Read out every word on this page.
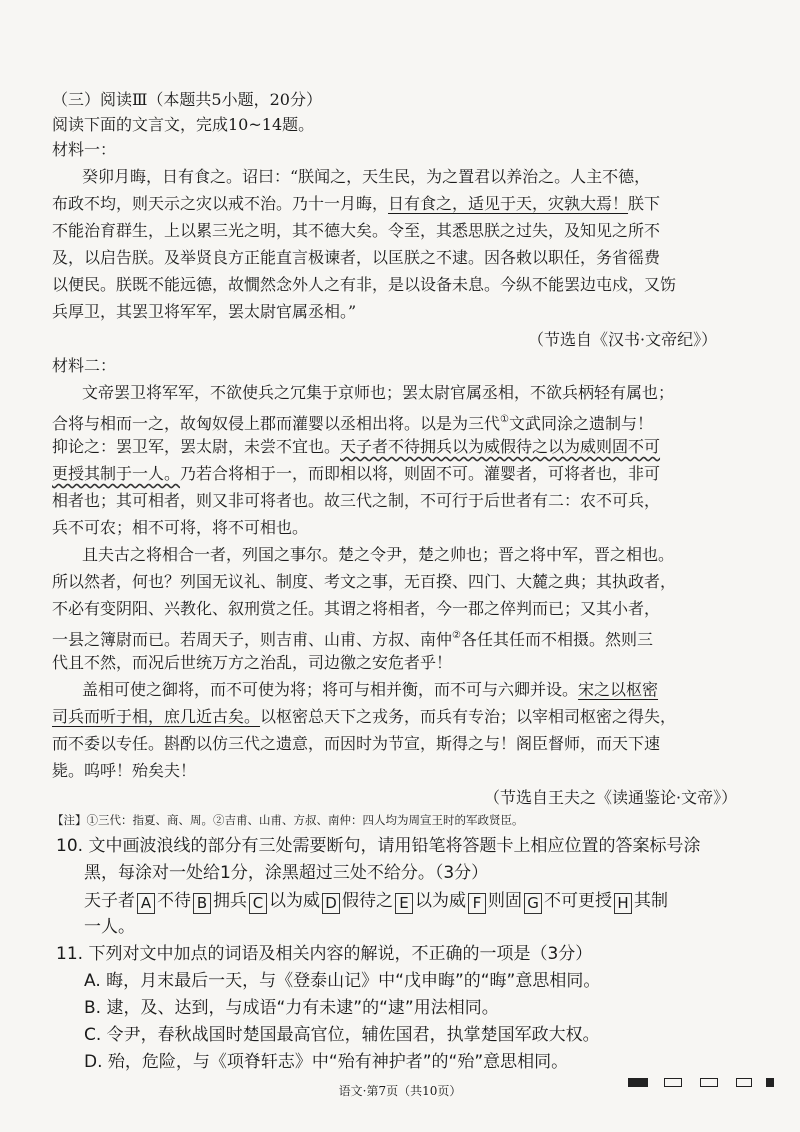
（三）阅读Ⅲ（本题共5小题，20分）
阅读下面的文言文，完成10~14题。
材料一：
癸卯月晦，日有食之。诏曰：“朕闻之，天生民，为之置君以养治之。人主不德，
布政不均，则天示之灾以戒不治。乃十一月晦，日有食之，适见于天，灾孰大焉！朕下
不能治育群生，上以累三光之明，其不德大矣。令至，其悉思朕之过失，及知见之所不
及，以启告朕。及举贤良方正能直言极谏者，以匡朕之不逮。因各敕以职任，务省徭费
以便民。朕既不能远德，故憪然念外人之有非，是以设备未息。今纵不能罢边屯戍，又饬
兵厚卫，其罢卫将军军，罢太尉官属丞相。”
（节选自《汉书·文帝纪》）
材料二：
文帝罢卫将军军，不欲使兵之冗集于京师也；罢太尉官属丞相，不欲兵柄轻有属也；
合将与相而一之，故匈奴侵上郡而灌婴以丞相出将。以是为三代①文武同涂之遗制与！
抑论之：罢卫军，罢太尉，未尝不宜也。天子者不待拥兵以为威假待之以为威则固不可
更授其制于一人。乃若合将相于一，而即相以将，则固不可。灌婴者，可将者也，非可
相者也；其可相者，则又非可将者也。故三代之制，不可行于后世者有二：农不可兵，
兵不可农；相不可将，将不可相也。
且夫古之将相合一者，列国之事尔。楚之令尹，楚之帅也；晋之将中军，晋之相也。
所以然者，何也？列国无议礼、制度、考文之事，无百揆、四门、大麓之典；其执政者，
不必有变阴阳、兴教化、叙刑赏之任。其谓之将相者，今一郡之倅判而已；又其小者，
一县之簿尉而已。若周天子，则吉甫、山甫、方叔、南仲②各任其任而不相摄。然则三
代且不然，而况后世统万方之治乱，司边徼之安危者乎！
盖相可使之御将，而不可使为将；将可与相并衡，而不可与六卿并设。宋之以枢密
司兵而听于相，庶几近古矣。以枢密总天下之戎务，而兵有专治；以宰相司枢密之得失，
而不委以专任。斟酌以仿三代之遗意，而因时为节宣，斯得之与！阁臣督师，而天下速
毙。呜呼！殆矣夫！
（节选自王夫之《读通鉴论·文帝》）
【注】①三代：指夏、商、周。②吉甫、山甫、方叔、南仲：四人均为周宣王时的军政贤臣。
10. 文中画波浪线的部分有三处需要断句，请用铅笔将答题卡上相应位置的答案标号涂
黑，每涂对一处给1分，涂黑超过三处不给分。（3分）
天子者 A 不待 B 拥兵 C 以为威 D 假待之 E 以为威 F 则固 G 不可更授 H 其制
一人。
11. 下列对文中加点的词语及相关内容的解说，不正确的一项是（3分）
A. 晦，月末最后一天，与《登泰山记》中“戊申晦”的“晦”意思相同。
B. 逮，及、达到，与成语“力有未逮”的“逮”用法相同。
C. 令尹，春秋战国时楚国最高官位，辅佐国君，执掌楚国军政大权。
D. 殆，危险，与《项脊轩志》中“殆有神护者”的“殆”意思相同。
语文·第7页（共10页）
